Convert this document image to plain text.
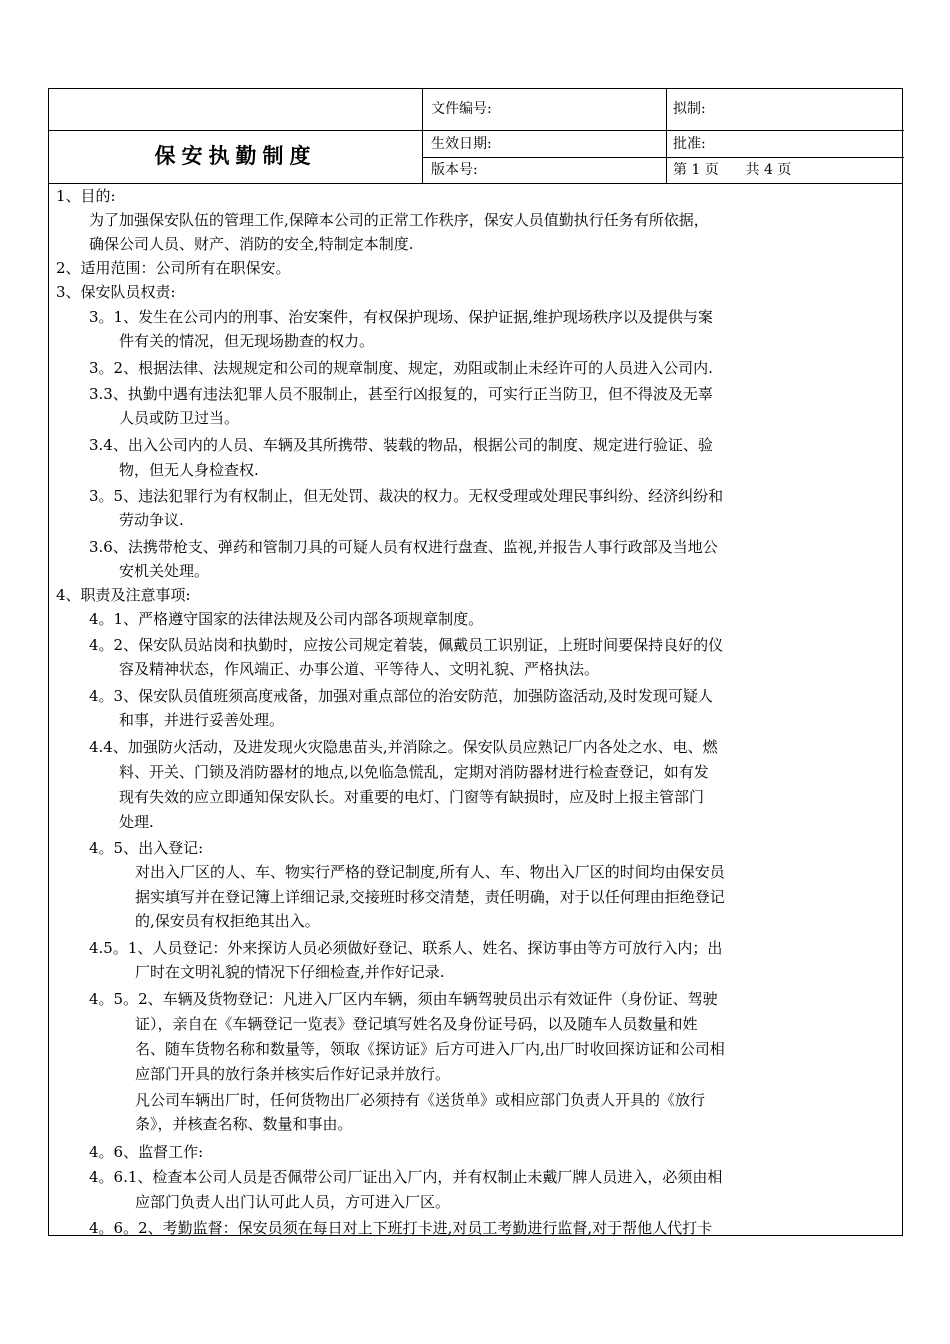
文件编号:	拟制:
生效日期:	批准:
版本号:	第 1 页      共 4 页
保安执勤制度
1、目的:
为了加强保安队伍的管理工作,保障本公司的正常工作秩序，保安人员值勤执行任务有所依据，
确保公司人员、财产、消防的安全,特制定本制度.
2、适用范围：公司所有在职保安。
3、保安队员权责:
3。1、发生在公司内的刑事、治安案件，有权保护现场、保护证据,维护现场秩序以及提供与案
件有关的情况，但无现场勘查的权力。
3。2、根据法律、法规规定和公司的规章制度、规定，劝阻或制止未经许可的人员进入公司内.
3.3、执勤中遇有违法犯罪人员不服制止，甚至行凶报复的，可实行正当防卫，但不得波及无辜
人员或防卫过当。
3.4、出入公司内的人员、车辆及其所携带、装载的物品，根据公司的制度、规定进行验证、验
物，但无人身检查权.
3。5、违法犯罪行为有权制止，但无处罚、裁决的权力。无权受理或处理民事纠纷、经济纠纷和
劳动争议.
3.6、法携带枪支、弹药和管制刀具的可疑人员有权进行盘查、监视,并报告人事行政部及当地公
安机关处理。
4、职责及注意事项:
4。1、严格遵守国家的法律法规及公司内部各项规章制度。
4。2、保安队员站岗和执勤时，应按公司规定着装，佩戴员工识别证，上班时间要保持良好的仪
容及精神状态，作风端正、办事公道、平等待人、文明礼貌、严格执法。
4。3、保安队员值班须高度戒备，加强对重点部位的治安防范，加强防盗活动,及时发现可疑人
和事，并进行妥善处理。
4.4、加强防火活动，及进发现火灾隐患苗头,并消除之。保安队员应熟记厂内各处之水、电、燃
料、开关、门锁及消防器材的地点,以免临急慌乱，定期对消防器材进行检查登记，如有发
现有失效的应立即通知保安队长。对重要的电灯、门窗等有缺损时，应及时上报主管部门
处理.
4。5、出入登记:
对出入厂区的人、车、物实行严格的登记制度,所有人、车、物出入厂区的时间均由保安员
据实填写并在登记簿上详细记录,交接班时移交清楚，责任明确，对于以任何理由拒绝登记
的,保安员有权拒绝其出入。
4.5。1、人员登记：外来探访人员必须做好登记、联系人、姓名、探访事由等方可放行入内；出
厂时在文明礼貌的情况下仔细检查,并作好记录.
4。5。2、车辆及货物登记：凡进入厂区内车辆，须由车辆驾驶员出示有效证件（身份证、驾驶
证），亲自在《车辆登记一览表》登记填写姓名及身份证号码，以及随车人员数量和姓
名、随车货物名称和数量等，领取《探访证》后方可进入厂内,出厂时收回探访证和公司相
应部门开具的放行条并核实后作好记录并放行。
凡公司车辆出厂时，任何货物出厂必须持有《送货单》或相应部门负责人开具的《放行
条》，并核查名称、数量和事由。
4。6、监督工作:
4。6.1、检查本公司人员是否佩带公司厂证出入厂内，并有权制止未戴厂牌人员进入，必须由相
应部门负责人出门认可此人员，方可进入厂区。
4。6。2、考勤监督：保安员须在每日对上下班打卡进,对员工考勤进行监督,对于帮他人代打卡
